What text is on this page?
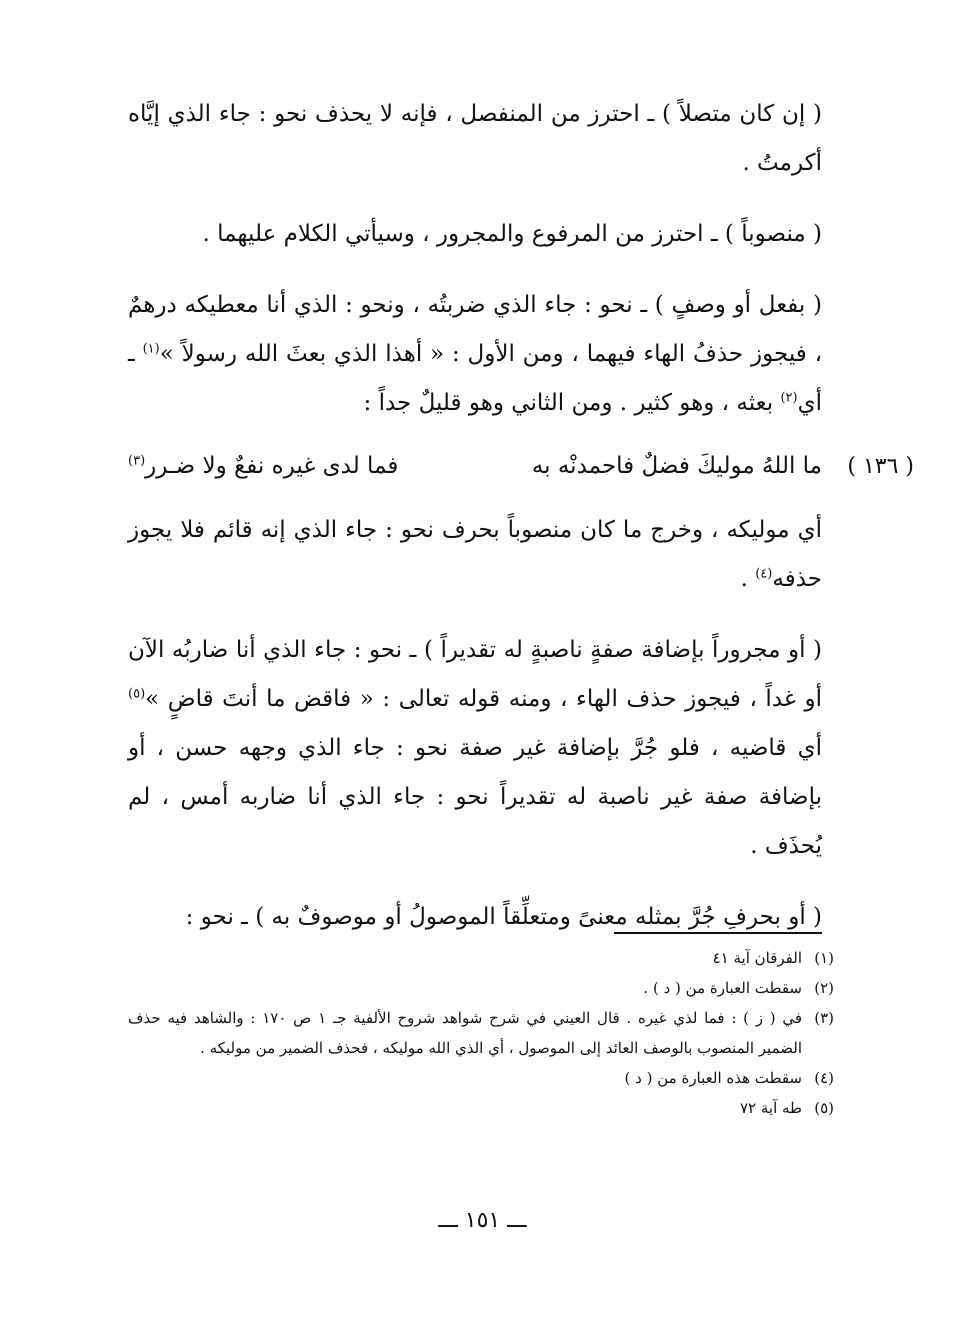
( إن كان متصلاً ) ـ احترز من المنفصل ، فإنه لا يحذف نحو : جاء الذي إيَّاه أكرمتُ .

( منصوباً ) ـ احترز من المرفوع والمجرور ، وسيأتي الكلام عليهما .

( بفعل أو وصفٍ ) ـ نحو : جاء الذي ضربتُه ، ونحو : الذي أنا معطيكه درهمٌ ، فيجوز حذفُ الهاء فيهما ، ومن الأول : « أهذا الذي بعثَ الله رسولاً »$^{(١)}$ ـ أي$^{(٢)}$ بعثه ، وهو كثير . ومن الثاني وهو قليلٌ جداً :

( ١٣٦ )
ما اللهُ موليكَ فضلٌ فاحمدنْه به
فما لدى غيره نفعٌ ولا ضـرر$^{(٣)}$

أي موليكه ، وخرج ما كان منصوباً بحرف نحو : جاء الذي إنه قائم فلا يجوز حذفه$^{(٤)}$ .

( أو مجروراً بإضافة صفةٍ ناصبةٍ له تقديراً ) ـ نحو : جاء الذي أنا ضاربُه الآن أو غداً ، فيجوز حذف الهاء ، ومنه قوله تعالى : « فاقض ما أنتَ قاضٍ »$^{(٥)}$ أي قاضيه ، فلو جُرَّ بإضافة غير صفة نحو : جاء الذي وجهه حسن ، أو بإضافة صفة غير ناصبة له تقديراً نحو : جاء الذي أنا ضاربه أمس ، لم يُحذَف .

( أو بحرفِ جُرَّ بمثله معنىً ومتعلِّقاً الموصولُ أو موصوفٌ به ) ـ نحو :

(١)
الفرقان آية ٤١
(٢)
سقطت العبارة من ( د ) .
(٣)
في ( ز ) : فما لذي غيره . قال العيني في شرح شواهد شروح الألفية جـ ١ ص ١٧٠ : والشاهد فيه حذف الضمير المنصوب بالوصف العائد إلى الموصول ، أي الذي الله موليكه ، فحذف الضمير من موليكه .
(٤)
سقطت هذه العبارة من ( د )
(٥)
طه آية ٧٢
ـــ ١٥١ ـــ
